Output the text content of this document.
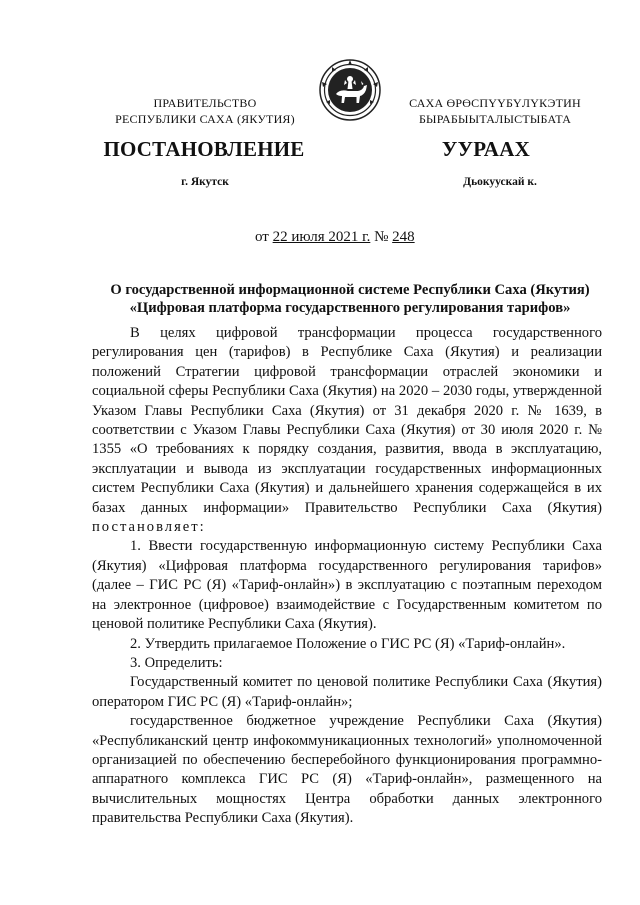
ПРАВИТЕЛЬСТВО
РЕСПУБЛИКИ САХА (ЯКУТИЯ)
САХА ӨРӨСПҮҮБҮЛҮКЭТИН
БЫРАБЫЫТАЛЫСТЫБАТА
ПОСТАНОВЛЕНИЕ	УУРААХ
г. Якутск	Дьокуускай к.
от 22 июля 2021 г. № 248
О государственной информационной системе Республики Саха (Якутия)
«Цифровая платформа государственного регулирования тарифов»

В целях цифровой трансформации процесса государственного регулирования цен (тарифов) в Республике Саха (Якутия) и реализации положений Стратегии цифровой трансформации отраслей экономики и социальной сферы Республики Саха (Якутия) на 2020 – 2030 годы, утвержденной Указом Главы Республики Саха (Якутия) от 31 декабря 2020 г. № 1639, в соответствии с Указом Главы Республики Саха (Якутия) от 30 июля 2020 г. № 1355 «О требованиях к порядку создания, развития, ввода в эксплуатацию, эксплуатации и вывода из эксплуатации государственных информационных систем Республики Саха (Якутия) и дальнейшего хранения содержащейся в их базах данных информации» Правительство Республики Саха (Якутия) постановляет:

1. Ввести государственную информационную систему Республики Саха (Якутия) «Цифровая платформа государственного регулирования тарифов» (далее – ГИС РС (Я) «Тариф-онлайн») в эксплуатацию с поэтапным переходом на электронное (цифровое) взаимодействие с Государственным комитетом по ценовой политике Республики Саха (Якутия).

2. Утвердить прилагаемое Положение о ГИС РС (Я) «Тариф-онлайн».

3. Определить:

Государственный комитет по ценовой политике Республики Саха (Якутия) оператором ГИС РС (Я) «Тариф-онлайн»;

государственное бюджетное учреждение Республики Саха (Якутия) «Республиканский центр инфокоммуникационных технологий» уполномоченной организацией по обеспечению бесперебойного функционирования программно-аппаратного комплекса ГИС РС (Я) «Тариф-онлайн», размещенного на вычислительных мощностях Центра обработки данных электронного правительства Республики Саха (Якутия).
